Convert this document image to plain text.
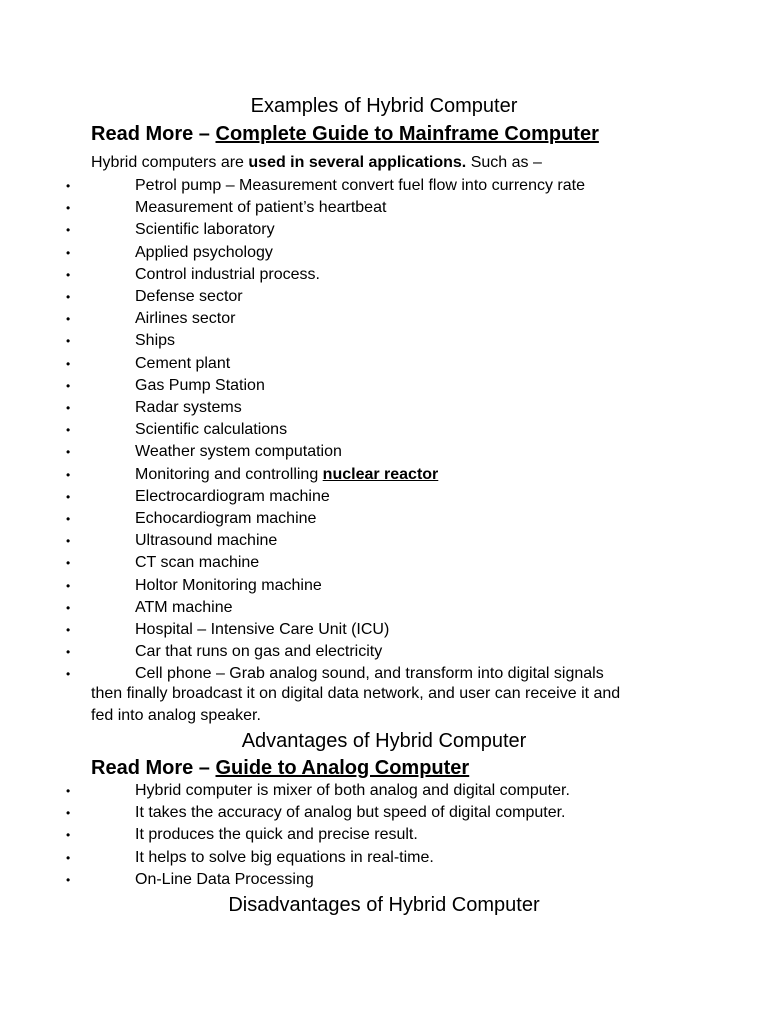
Examples of Hybrid Computer
Read More – Complete Guide to Mainframe Computer
Hybrid computers are used in several applications. Such as –
•	Petrol pump – Measurement convert fuel flow into currency rate
•	Measurement of patient’s heartbeat
•	Scientific laboratory
•	Applied psychology
•	Control industrial process.
•	Defense sector
•	Airlines sector
•	Ships
•	Cement plant
•	Gas Pump Station
•	Radar systems
•	Scientific calculations
•	Weather system computation
•	Monitoring and controlling nuclear reactor
•	Electrocardiogram machine
•	Echocardiogram machine
•	Ultrasound machine
•	CT scan machine
•	Holtor Monitoring machine
•	ATM machine
•	Hospital – Intensive Care Unit (ICU)
•	Car that runs on gas and electricity
•	Cell phone – Grab analog sound, and transform into digital signals
then finally broadcast it on digital data network, and user can receive it and
fed into analog speaker.
Advantages of Hybrid Computer
Read More – Guide to Analog Computer
•	Hybrid computer is mixer of both analog and digital computer.
•	It takes the accuracy of analog but speed of digital computer.
•	It produces the quick and precise result.
•	It helps to solve big equations in real-time.
•	On-Line Data Processing
Disadvantages of Hybrid Computer
